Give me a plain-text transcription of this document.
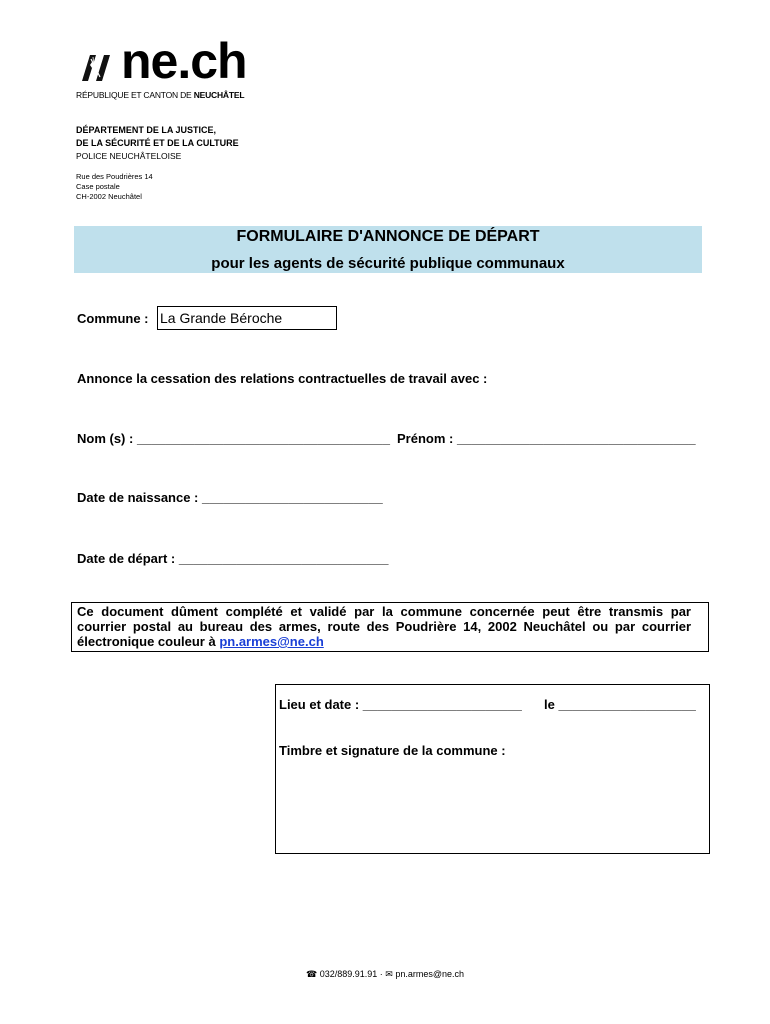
ne.ch
RÉPUBLIQUE ET CANTON DE NEUCHÂTEL
DÉPARTEMENT DE LA JUSTICE,
DE LA SÉCURITÉ ET DE LA CULTURE
POLICE NEUCHÂTELOISE
Rue des Poudrières 14
Case postale
CH-2002 Neuchâtel
FORMULAIRE D'ANNONCE DE DÉPART
pour les agents de sécurité publique communaux
Commune : La Grande Béroche
Annonce la cessation des relations contractuelles de travail avec :
Nom (s) : ___________________________________ Prénom : _________________________________
Date de naissance : _________________________
Date de départ : _____________________________
Ce document dûment complété et validé par la commune concernée peut être transmis par courrier postal au bureau des armes, route des Poudrière 14, 2002 Neuchâtel ou par courrier électronique couleur à pn.armes@ne.ch
Lieu et date : ______________________ le ___________________
Timbre et signature de la commune :
☎ 032/889.91.91 · ✉ pn.armes@ne.ch
